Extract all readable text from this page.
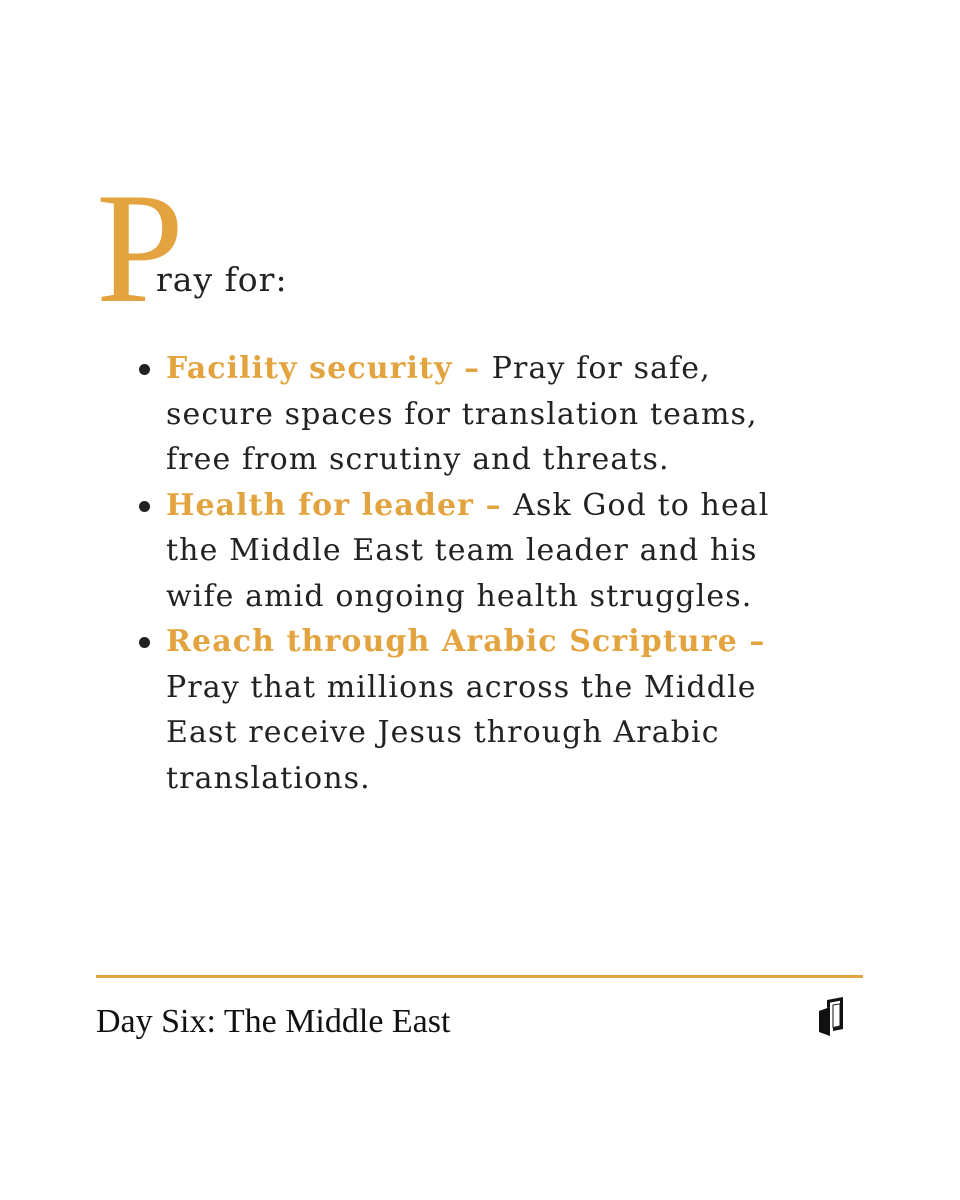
P
ray for:
Facility security – Pray for safe, secure spaces for translation teams, free from scrutiny and threats.
Health for leader – Ask God to heal the Middle East team leader and his wife amid ongoing health struggles.
Reach through Arabic Scripture –
Pray that millions across the Middle East receive Jesus through Arabic translations.
Day Six: The Middle East
